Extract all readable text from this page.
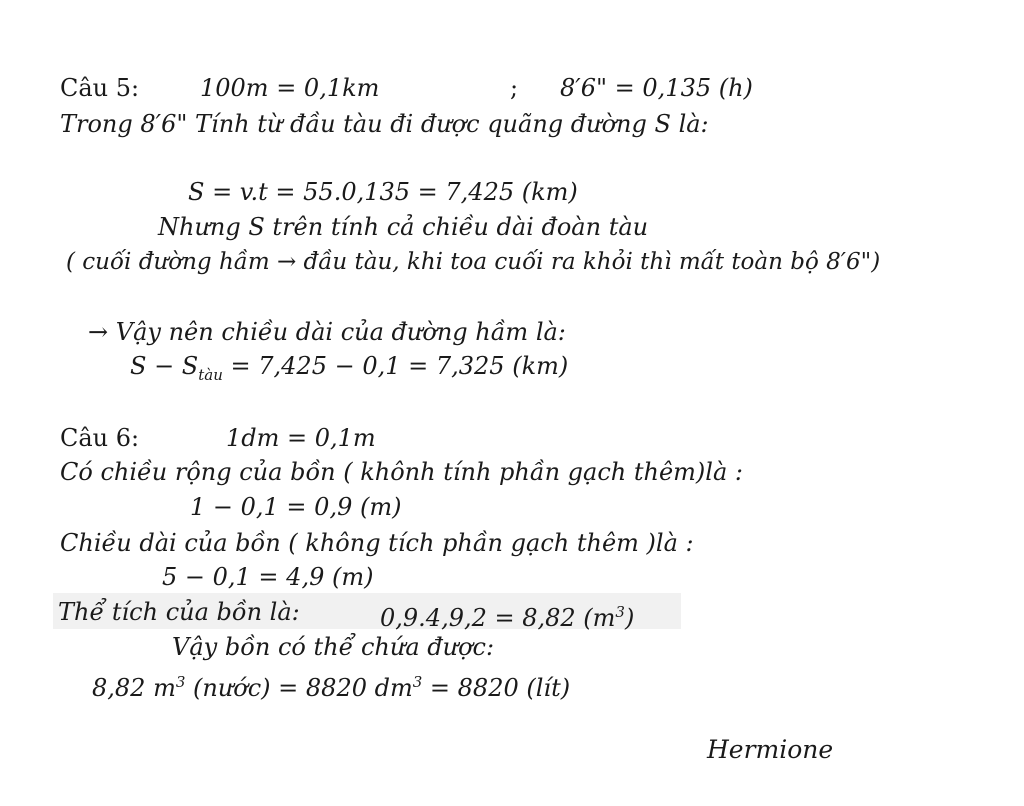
Câu 5:	100m = 0,1km	; 8′6" = 0,135 (h)
Trong 8′6" Tính từ đầu tàu đi được quãng đường S là:
S = v.t = 55.0,135 = 7,425 (km)
Nhưng S trên tính cả chiều dài đoàn tàu
( cuối đường hầm → đầu tàu, khi toa cuối ra khỏi thì mất toàn bộ 8′6")
→ Vậy nên chiều dài của đường hầm là:
$S - S_{tàu} = 7,425 - 0,1 = 7,325$ (km)
Câu 6:	1dm = 0,1m
Có chiều rộng của bồn ( khônh tính phần gạch thêm)là :
1 − 0,1 = 0,9 (m)
Chiều dài của bồn ( không tích phần gạch thêm )là :
5 − 0,1 = 4,9 (m)
Thể tích của bồn là:	0,9.4,9,2 = 8,82 $(m^3)$
Vậy bồn có thể chứa được:
8,82 $m^3$ (nước) = 8820 $dm^3 = 8820$ (lít)
Hermione
